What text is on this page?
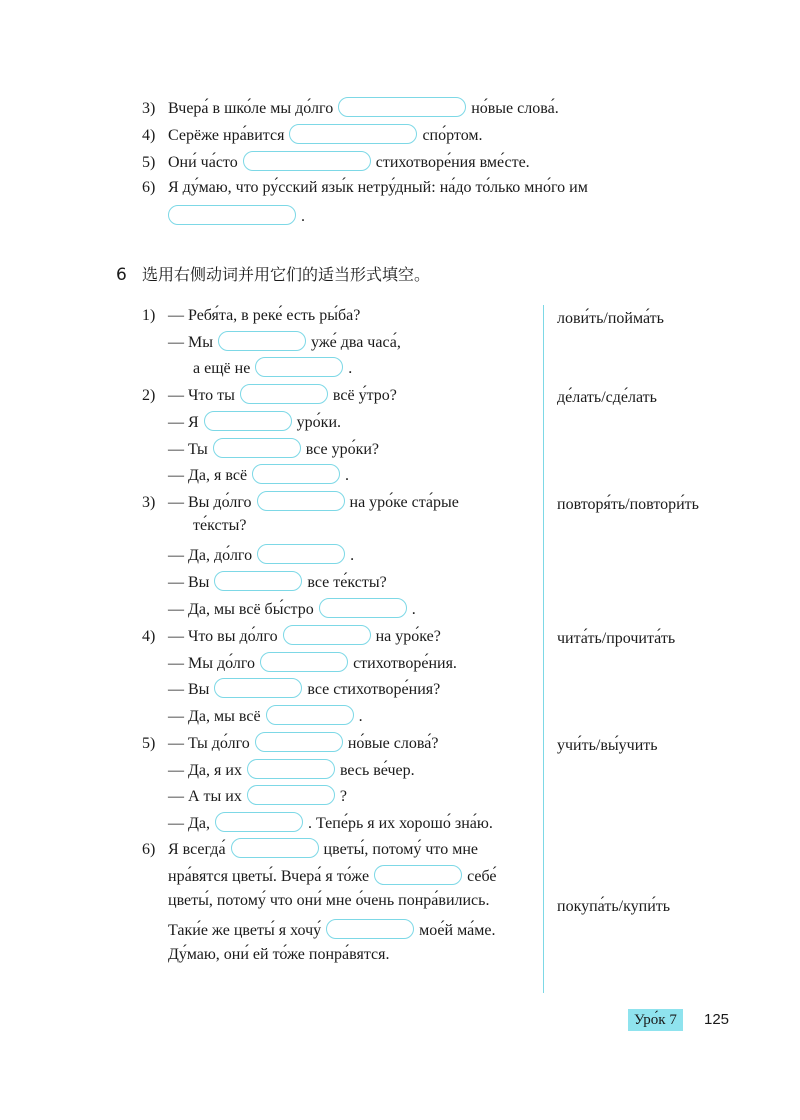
3) Вчера́ в шко́ле мы до́лго	но́вые слова́.
4) Серёже нра́вится	спо́ртом.
5) Они́ ча́сто	стихотворе́ния вме́сте.
6) Я ду́маю, что ру́сский язы́к нетру́дный: на́до то́лько мно́го им
.
6 选用右侧动词并用它们的适当形式填空。
1) — Ребя́та, в реке́ есть ры́ба?
— Мы	уже́ два часа́,
а ещё не	.
2) — Что ты	всё у́тро?
— Я	уро́ки.
— Ты	все уро́ки?
— Да, я всё	.
3) — Вы до́лго	на уро́ке ста́рые
те́ксты?
— Да, до́лго	.
— Вы	все те́ксты?
— Да, мы всё бы́стро	.
4) — Что вы до́лго	на уро́ке?
— Мы до́лго	стихотворе́ния.
— Вы	все стихотворе́ния?
— Да, мы всё	.
5) — Ты до́лго	но́вые слова́?
— Да, я их	весь ве́чер.
— А ты их	?
— Да,	. Тепе́рь я их хорошо́ зна́ю.
6) Я всегда́	цветы́, потому́ что мне
нра́вятся цветы́. Вчера́ я то́же	себе́
цветы́, потому́ что они́ мне о́чень понра́вились.
Таки́е же цветы́ я хочу́	мое́й ма́ме.
Ду́маю, они́ ей то́же понра́вятся.
лови́ть/пойма́ть
де́лать/сде́лать
повторя́ть/повтори́ть
чита́ть/прочита́ть
учи́ть/вы́учить
покупа́ть/купи́ть
Уро́к 7	125
